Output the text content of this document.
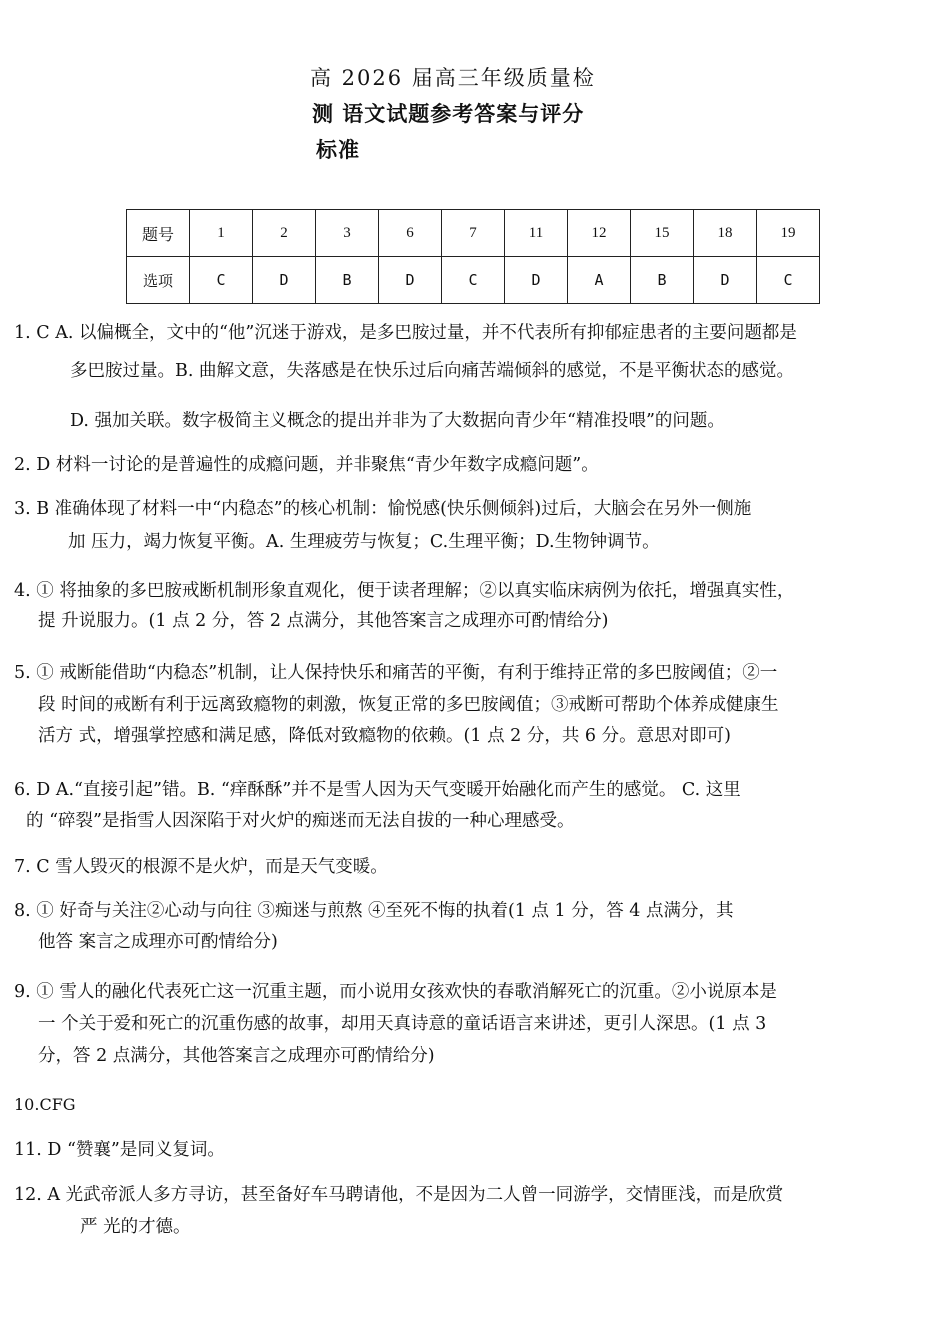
高 2026 届高三年级质量检
测 语文试题参考答案与评分
标准
题号	1	2	3	6	7	11	12	15	18	19
选项	C	D	B	D	C	D	A	B	D	C
1. C A. 以偏概全，文中的“他”沉迷于游戏，是多巴胺过量，并不代表所有抑郁症患者的主要问题都是
多巴胺过量。B. 曲解文意，失落感是在快乐过后向痛苦端倾斜的感觉，不是平衡状态的感觉。
D. 强加关联。数字极简主义概念的提出并非为了大数据向青少年“精准投喂”的问题。
2. D 材料一讨论的是普遍性的成瘾问题，并非聚焦“青少年数字成瘾问题”。
3. B 准确体现了材料一中“内稳态”的核心机制：愉悦感(快乐侧倾斜)过后，大脑会在另外一侧施
加 压力，竭力恢复平衡。A. 生理疲劳与恢复；C.生理平衡；D.生物钟调节。
4. ① 将抽象的多巴胺戒断机制形象直观化，便于读者理解；②以真实临床病例为依托，增强真实性，
提 升说服力。(1 点 2 分，答 2 点满分，其他答案言之成理亦可酌情给分)
5. ① 戒断能借助“内稳态”机制，让人保持快乐和痛苦的平衡，有利于维持正常的多巴胺阈值；②一
段 时间的戒断有利于远离致瘾物的刺激，恢复正常的多巴胺阈值；③戒断可帮助个体养成健康生
活方 式，增强掌控感和满足感，降低对致瘾物的依赖。(1 点 2 分，共 6 分。意思对即可)
6. D A.“直接引起”错。B. “痒酥酥”并不是雪人因为天气变暖开始融化而产生的感觉。 C. 这里
的 “碎裂”是指雪人因深陷于对火炉的痴迷而无法自拔的一种心理感受。
7. C 雪人毁灭的根源不是火炉，而是天气变暖。
8. ① 好奇与关注②心动与向往 ③痴迷与煎熬 ④至死不悔的执着(1 点 1 分，答 4 点满分，其
他答 案言之成理亦可酌情给分)
9. ① 雪人的融化代表死亡这一沉重主题，而小说用女孩欢快的春歌消解死亡的沉重。②小说原本是
一 个关于爱和死亡的沉重伤感的故事，却用天真诗意的童话语言来讲述，更引人深思。(1 点 3
分，答 2 点满分，其他答案言之成理亦可酌情给分)
10.CFG
11. D “赞襄”是同义复词。
12. A 光武帝派人多方寻访，甚至备好车马聘请他，不是因为二人曾一同游学，交情匪浅，而是欣赏
严 光的才德。
